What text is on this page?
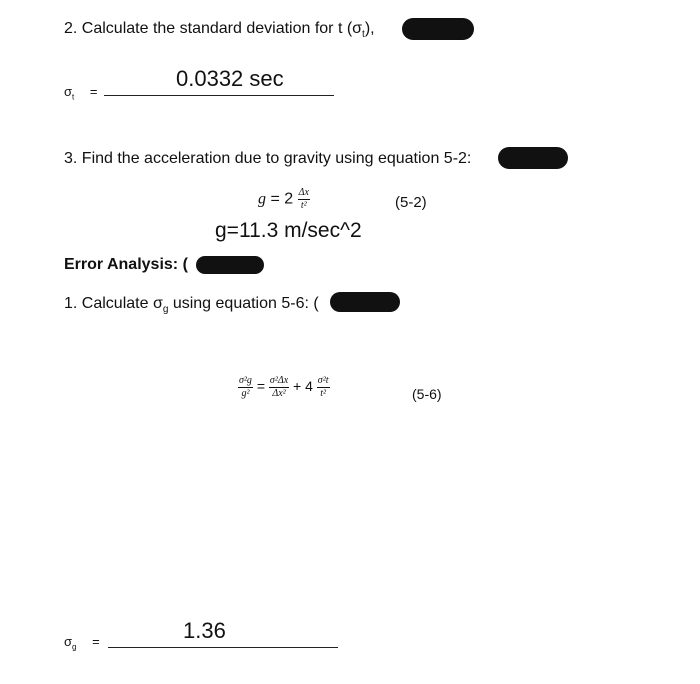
2. Calculate the standard deviation for t $(\sigma_t)$,
$\sigma_t$ =
0.0332 sec
3. Find the acceleration due to gravity using equation 5-2:
$g = 2 \frac{\Delta x}{\text{t²}}$	(5-2)
g=11.3 m/sec^2
Error Analysis: (
1. Calculate $\sigma_g$ using equation 5-6: (
$\frac{\text{σ²g}}{\text{g²}} = \frac{\text{σ²Δx}}{\text{Δx²}} + 4 \frac{\text{σ²t}}{\text{t²}}$	(5-6)
$\sigma_g$ =	1.36
